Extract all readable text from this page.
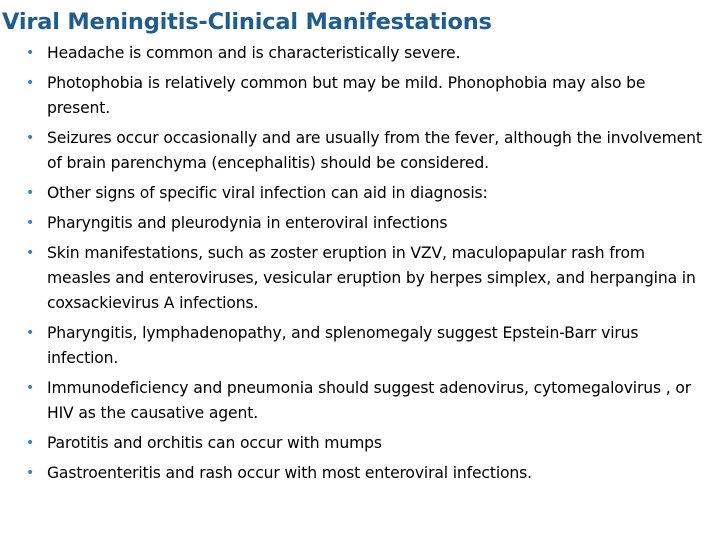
Viral Meningitis-Clinical Manifestations
• Headache is common and is characteristically severe.
• Photophobia is relatively common but may be mild. Phonophobia may also be present.
• Seizures occur occasionally and are usually from the fever, although the involvement of brain parenchyma (encephalitis) should be considered.
• Other signs of specific viral infection can aid in diagnosis:
• Pharyngitis and pleurodynia in enteroviral infections
• Skin manifestations, such as zoster eruption in VZV, maculopapular rash from measles and enteroviruses, vesicular eruption by herpes simplex, and herpangina in coxsackievirus A infections.
• Pharyngitis, lymphadenopathy, and splenomegaly suggest Epstein-Barr virus infection.
• Immunodeficiency and pneumonia should suggest adenovirus, cytomegalovirus , or HIV as the causative agent.
• Parotitis and orchitis can occur with mumps
• Gastroenteritis and rash occur with most enteroviral infections.
